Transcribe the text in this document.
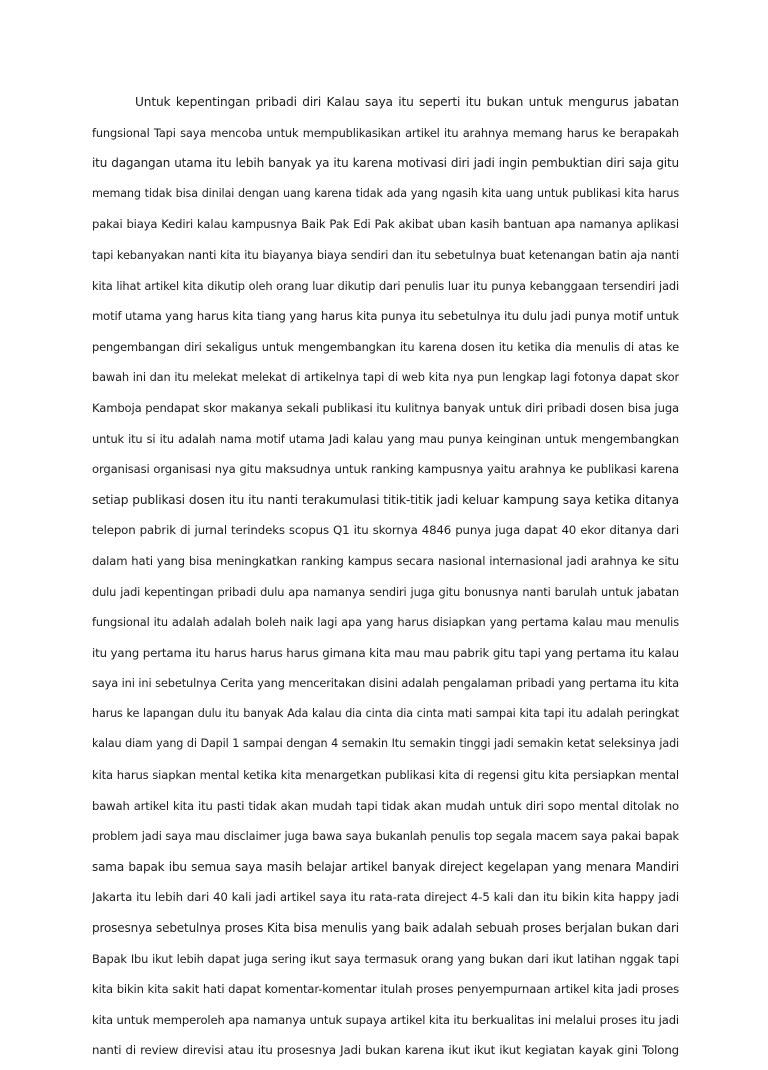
Untuk kepentingan pribadi diri Kalau saya itu seperti itu bukan untuk mengurus jabatan
fungsional Tapi saya mencoba untuk mempublikasikan artikel itu arahnya memang harus ke berapakah
itu dagangan utama itu lebih banyak ya itu karena motivasi diri jadi ingin pembuktian diri saja gitu
memang tidak bisa dinilai dengan uang karena tidak ada yang ngasih kita uang untuk publikasi kita harus
pakai biaya Kediri kalau kampusnya Baik Pak Edi Pak akibat uban kasih bantuan apa namanya aplikasi
tapi kebanyakan nanti kita itu biayanya biaya sendiri dan itu sebetulnya buat ketenangan batin aja nanti
kita lihat artikel kita dikutip oleh orang luar dikutip dari penulis luar itu punya kebanggaan tersendiri jadi
motif utama yang harus kita tiang yang harus kita punya itu sebetulnya itu dulu jadi punya motif untuk
pengembangan diri sekaligus untuk mengembangkan itu karena dosen itu ketika dia menulis di atas ke
bawah ini dan itu melekat melekat di artikelnya tapi di web kita nya pun lengkap lagi fotonya dapat skor
Kamboja pendapat skor makanya sekali publikasi itu kulitnya banyak untuk diri pribadi dosen bisa juga
untuk itu si itu adalah nama motif utama Jadi kalau yang mau punya keinginan untuk mengembangkan
organisasi organisasi nya gitu maksudnya untuk ranking kampusnya yaitu arahnya ke publikasi karena
setiap publikasi dosen itu itu nanti terakumulasi titik-titik jadi keluar kampung saya ketika ditanya
telepon pabrik di jurnal terindeks scopus Q1 itu skornya 4846 punya juga dapat 40 ekor ditanya dari
dalam hati yang bisa meningkatkan ranking kampus secara nasional internasional jadi arahnya ke situ
dulu jadi kepentingan pribadi dulu apa namanya sendiri juga gitu bonusnya nanti barulah untuk jabatan
fungsional itu adalah adalah boleh naik lagi apa yang harus disiapkan yang pertama kalau mau menulis
itu yang pertama itu harus harus harus gimana kita mau mau pabrik gitu tapi yang pertama itu kalau
saya ini ini sebetulnya Cerita yang menceritakan disini adalah pengalaman pribadi yang pertama itu kita
harus ke lapangan dulu itu banyak Ada kalau dia cinta dia cinta mati sampai kita tapi itu adalah peringkat
kalau diam yang di Dapil 1 sampai dengan 4 semakin Itu semakin tinggi jadi semakin ketat seleksinya jadi
kita harus siapkan mental ketika kita menargetkan publikasi kita di regensi gitu kita persiapkan mental
bawah artikel kita itu pasti tidak akan mudah tapi tidak akan mudah untuk diri sopo mental ditolak no
problem jadi saya mau disclaimer juga bawa saya bukanlah penulis top segala macem saya pakai bapak
sama bapak ibu semua saya masih belajar artikel banyak direject kegelapan yang menara Mandiri
Jakarta itu lebih dari 40 kali jadi artikel saya itu rata-rata direject 4-5 kali dan itu bikin kita happy jadi
prosesnya sebetulnya proses Kita bisa menulis yang baik adalah sebuah proses berjalan bukan dari
Bapak Ibu ikut lebih dapat juga sering ikut saya termasuk orang yang bukan dari ikut latihan nggak tapi
kita bikin kita sakit hati dapat komentar-komentar itulah proses penyempurnaan artikel kita jadi proses
kita untuk memperoleh apa namanya untuk supaya artikel kita itu berkualitas ini melalui proses itu jadi
nanti di review direvisi atau itu prosesnya Jadi bukan karena ikut ikut ikut kegiatan kayak gini Tolong
